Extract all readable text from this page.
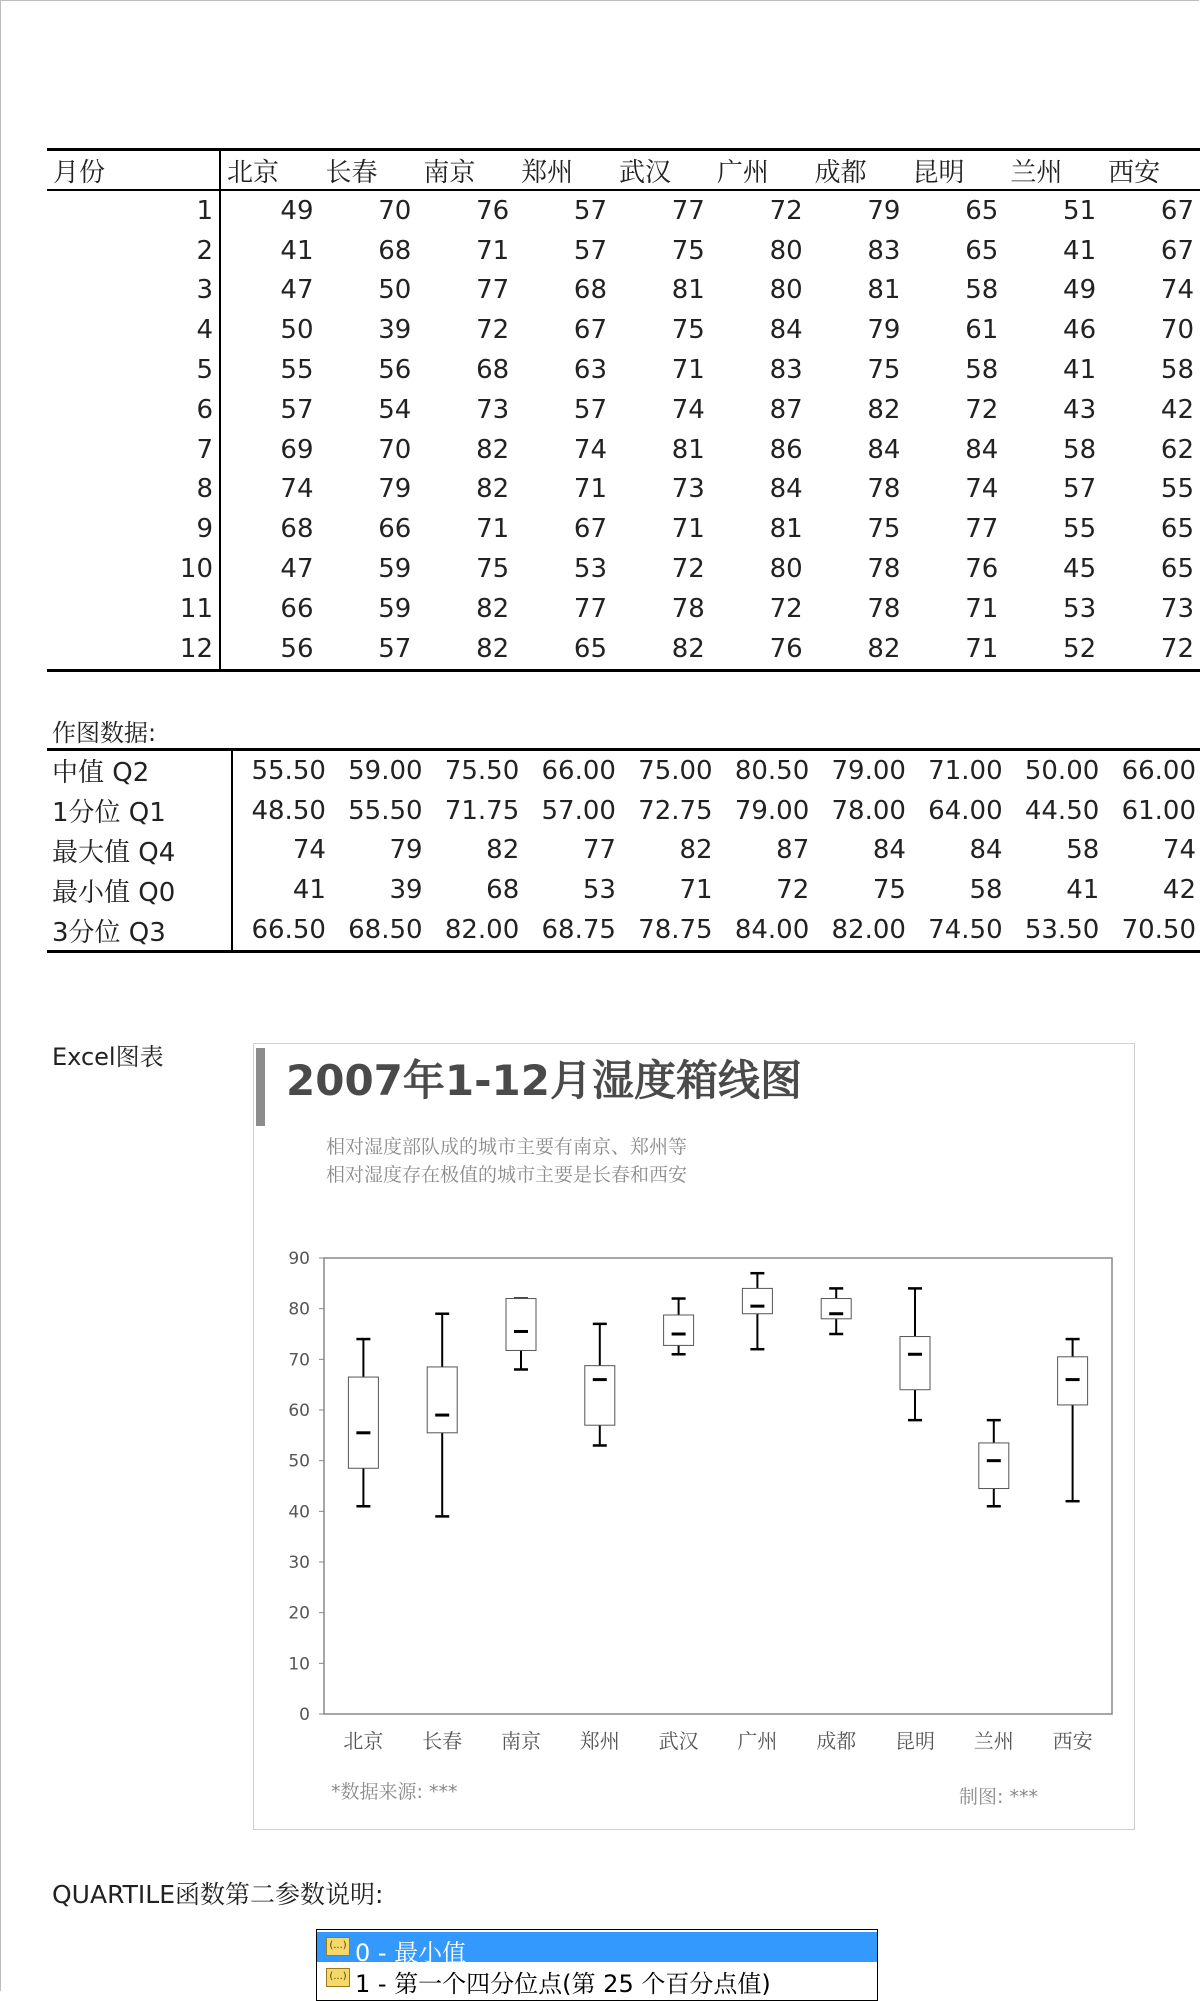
月份	北京	长春	南京	郑州	武汉	广州	成都	昆明	兰州	西安
1	49	70	76	57	77	72	79	65	51	67
2	41	68	71	57	75	80	83	65	41	67
3	47	50	77	68	81	80	81	58	49	74
4	50	39	72	67	75	84	79	61	46	70
5	55	56	68	63	71	83	75	58	41	58
6	57	54	73	57	74	87	82	72	43	42
7	69	70	82	74	81	86	84	84	58	62
8	74	79	82	71	73	84	78	74	57	55
9	68	66	71	67	71	81	75	77	55	65
10	47	59	75	53	72	80	78	76	45	65
11	66	59	82	77	78	72	78	71	53	73
12	56	57	82	65	82	76	82	71	52	72
作图数据:
中值 Q2	55.50	59.00	75.50	66.00	75.00	80.50	79.00	71.00	50.00	66.00
1分位 Q1	48.50	55.50	71.75	57.00	72.75	79.00	78.00	64.00	44.50	61.00
最大值 Q4	74	79	82	77	82	87	84	84	58	74
最小值 Q0	41	39	68	53	71	72	75	58	41	42
3分位 Q3	66.50	68.50	82.00	68.75	78.75	84.00	82.00	74.50	53.50	70.50
Excel图表	2007年1-12月湿度箱线图
相对湿度部队成的城市主要有南京、郑州等
相对湿度存在极值的城市主要是长春和西安
0
10
20
30
40
50
60
70
80
90
北京 长春 南京 郑州 武汉 广州 成都 昆明 兰州 西安
*数据来源: ***	制图: ***
QUARTILE函数第二参数说明:
(...) 0 - 最小值
(...) 1 - 第一个四分位点(第 25 个百分点值)
